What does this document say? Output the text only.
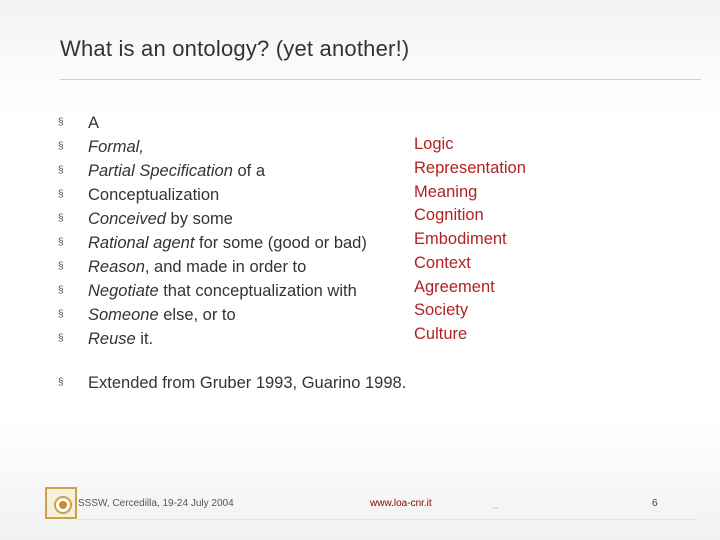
What is an ontology? (yet another!)
§ A
§ Formal,
§ Partial Specification of a
§ Conceptualization
§ Conceived by some
§ Rational agent for some (good or bad)
§ Reason, and made in order to
§ Negotiate that conceptualization with
§ Someone else, or to
§ Reuse it.
Logic
Representation
Meaning
Cognition
Embodiment
Context
Agreement
Society
Culture
§ Extended from Gruber 1993, Guarino 1998.
SSSW, Cercedilla, 19-24 July 2004	www.loa-cnr.it	_	6
